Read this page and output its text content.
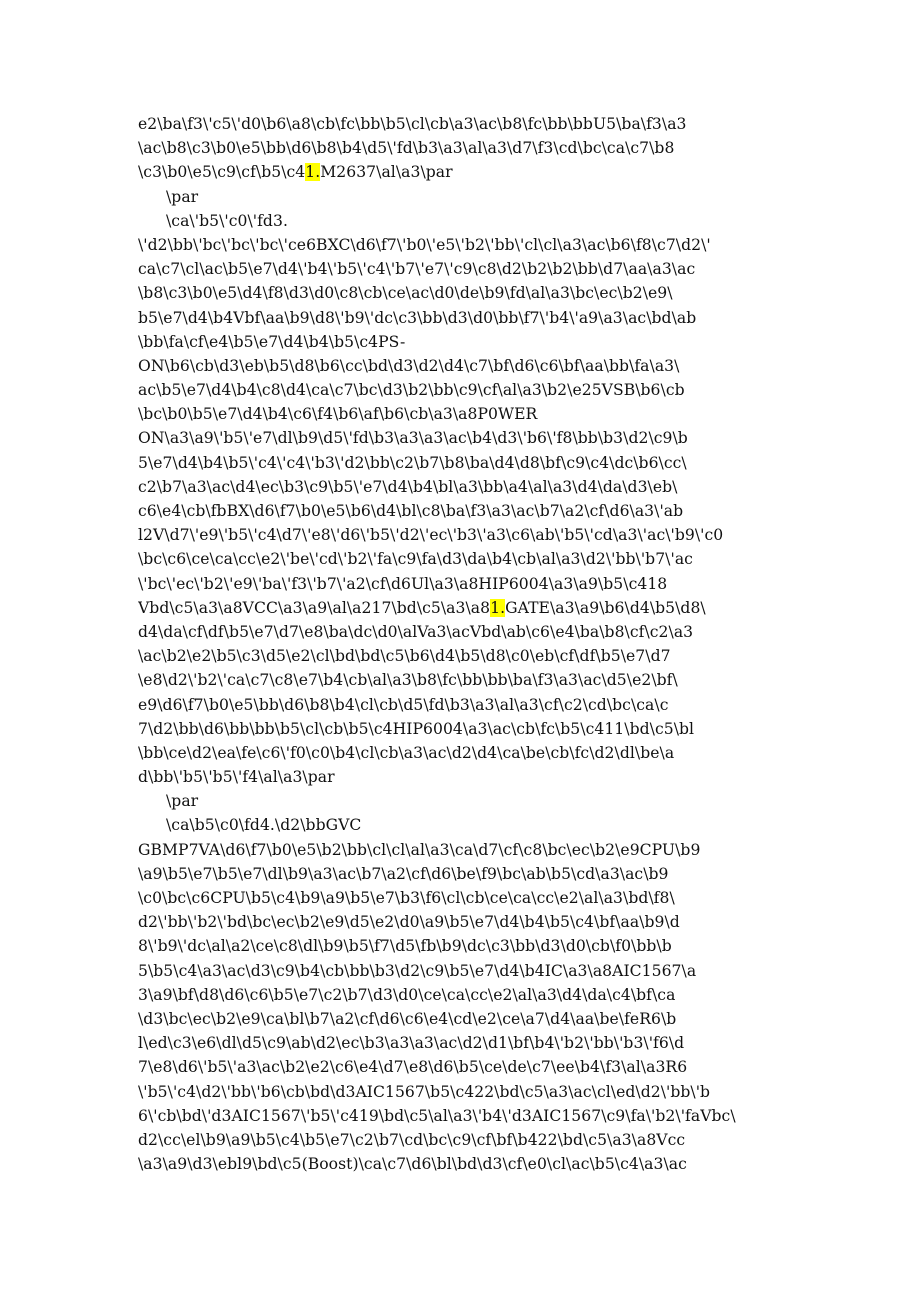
e2\ba\f3\'c5\'d0\b6\a8\cb\fc\bb\b5\cl\cb\a3\ac\b8\fc\bb\bbU5\ba\f3\a3
\ac\b8\c3\b0\e5\bb\d6\b8\b4\d5\'fd\b3\a3\al\a3\d7\f3\cd\bc\ca\c7\b8
\c3\b0\e5\c9\cf\b5\c41.M2637\al\a3\par
\par
\ca\'b5\'c0\'fd3.
\'d2\bb\'bc\'bc\'bc\'ce6BXC\d6\f7\'b0\'e5\'b2\'bb\'cl\cl\a3\ac\b6\f8\c7\d2\'
ca\c7\cl\ac\b5\e7\d4\'b4\'b5\'c4\'b7\'e7\'c9\c8\d2\b2\b2\bb\d7\aa\a3\ac
\b8\c3\b0\e5\d4\f8\d3\d0\c8\cb\ce\ac\d0\de\b9\fd\al\a3\bc\ec\b2\e9\
b5\e7\d4\b4Vbf\aa\b9\d8\'b9\'dc\c3\bb\d3\d0\bb\f7\'b4\'a9\a3\ac\bd\ab
\bb\fa\cf\e4\b5\e7\d4\b4\b5\c4PS-
ON\b6\cb\d3\eb\b5\d8\b6\cc\bd\d3\d2\d4\c7\bf\d6\c6\bf\aa\bb\fa\a3\
ac\b5\e7\d4\b4\c8\d4\ca\c7\bc\d3\b2\bb\c9\cf\al\a3\b2\e25VSB\b6\cb
\bc\b0\b5\e7\d4\b4\c6\f4\b6\af\b6\cb\a3\a8P0WER
ON\a3\a9\'b5\'e7\dl\b9\d5\'fd\b3\a3\a3\ac\b4\d3\'b6\'f8\bb\b3\d2\c9\b
5\e7\d4\b4\b5\'c4\'c4\'b3\'d2\bb\c2\b7\b8\ba\d4\d8\bf\c9\c4\dc\b6\cc\
c2\b7\a3\ac\d4\ec\b3\c9\b5\'e7\d4\b4\bl\a3\bb\a4\al\a3\d4\da\d3\eb\
c6\e4\cb\fbBX\d6\f7\b0\e5\b6\d4\bl\c8\ba\f3\a3\ac\b7\a2\cf\d6\a3\'ab
l2V\d7\'e9\'b5\'c4\d7\'e8\'d6\'b5\'d2\'ec\'b3\'a3\c6\ab\'b5\'cd\a3\'ac\'b9\'c0
\bc\c6\ce\ca\cc\e2\'be\'cd\'b2\'fa\c9\fa\d3\da\b4\cb\al\a3\d2\'bb\'b7\'ac
\'bc\'ec\'b2\'e9\'ba\'f3\'b7\'a2\cf\d6Ul\a3\a8HIP6004\a3\a9\b5\c418
Vbd\c5\a3\a8VCC\a3\a9\al\a217\bd\c5\a3\a81.GATE\a3\a9\b6\d4\b5\d8\
d4\da\cf\df\b5\e7\d7\e8\ba\dc\d0\alVa3\acVbd\ab\c6\e4\ba\b8\cf\c2\a3
\ac\b2\e2\b5\c3\d5\e2\cl\bd\bd\c5\b6\d4\b5\d8\c0\eb\cf\df\b5\e7\d7
\e8\d2\'b2\'ca\c7\c8\e7\b4\cb\al\a3\b8\fc\bb\bb\ba\f3\a3\ac\d5\e2\bf\
e9\d6\f7\b0\e5\bb\d6\b8\b4\cl\cb\d5\fd\b3\a3\al\a3\cf\c2\cd\bc\ca\c
7\d2\bb\d6\bb\bb\b5\cl\cb\b5\c4HIP6004\a3\ac\cb\fc\b5\c411\bd\c5\bl
\bb\ce\d2\ea\fe\c6\'f0\c0\b4\cl\cb\a3\ac\d2\d4\ca\be\cb\fc\d2\dl\be\a
d\bb\'b5\'b5\'f4\al\a3\par
\par
\ca\b5\c0\fd4.\d2\bbGVC
GBMP7VA\d6\f7\b0\e5\b2\bb\cl\cl\al\a3\ca\d7\cf\c8\bc\ec\b2\e9CPU\b9
\a9\b5\e7\b5\e7\dl\b9\a3\ac\b7\a2\cf\d6\be\f9\bc\ab\b5\cd\a3\ac\b9
\c0\bc\c6CPU\b5\c4\b9\a9\b5\e7\b3\f6\cl\cb\ce\ca\cc\e2\al\a3\bd\f8\
d2\'bb\'b2\'bd\bc\ec\b2\e9\d5\e2\d0\a9\b5\e7\d4\b4\b5\c4\bf\aa\b9\d
8\'b9\'dc\al\a2\ce\c8\dl\b9\b5\f7\d5\fb\b9\dc\c3\bb\d3\d0\cb\f0\bb\b
5\b5\c4\a3\ac\d3\c9\b4\cb\bb\b3\d2\c9\b5\e7\d4\b4IC\a3\a8AIC1567\a
3\a9\bf\d8\d6\c6\b5\e7\c2\b7\d3\d0\ce\ca\cc\e2\al\a3\d4\da\c4\bf\ca
\d3\bc\ec\b2\e9\ca\bl\b7\a2\cf\d6\c6\e4\cd\e2\ce\a7\d4\aa\be\feR6\b
l\ed\c3\e6\dl\d5\c9\ab\d2\ec\b3\a3\a3\ac\d2\d1\bf\b4\'b2\'bb\'b3\'f6\d
7\e8\d6\'b5\'a3\ac\b2\e2\c6\e4\d7\e8\d6\b5\ce\de\c7\ee\b4\f3\al\a3R6
\'b5\'c4\d2\'bb\'b6\cb\bd\d3AIC1567\b5\c422\bd\c5\a3\ac\cl\ed\d2\'bb\'b
6\'cb\bd\'d3AIC1567\'b5\'c419\bd\c5\al\a3\'b4\'d3AIC1567\c9\fa\'b2\'faVbc\
d2\cc\el\b9\a9\b5\c4\b5\e7\c2\b7\cd\bc\c9\cf\bf\b422\bd\c5\a3\a8Vcc
\a3\a9\d3\ebl9\bd\c5(Boost)\ca\c7\d6\bl\bd\d3\cf\e0\cl\ac\b5\c4\a3\ac
